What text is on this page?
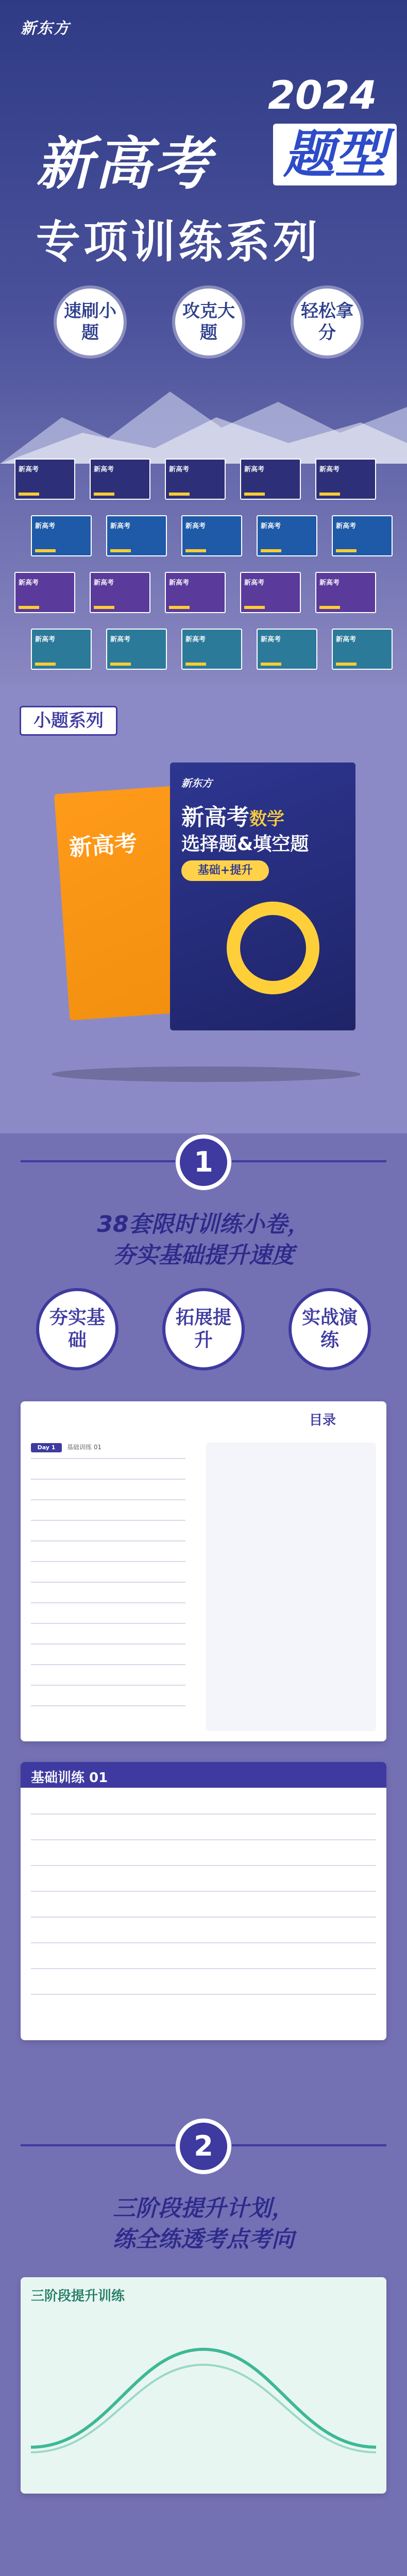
新东方
2024
新高考 题型
专项训练系列
速刷小题
攻克大题
轻松拿分
新高考	新高考	新高考	新高考	新高考
新高考	新高考	新高考	新高考	新高考
新高考	新高考	新高考	新高考	新高考
新高考	新高考	新高考	新高考	新高考
小题系列
新高考
新东方
新高考数学
选择题&填空题
基础+提升
1
38套限时训练小卷，
夯实基础提升速度
夯实基础
拓展提升
实战演练
目录
Day 1 基础训练 01
基础训练 01
2
三阶段提升计划，
练全练透考点考向
三阶段提升训练
